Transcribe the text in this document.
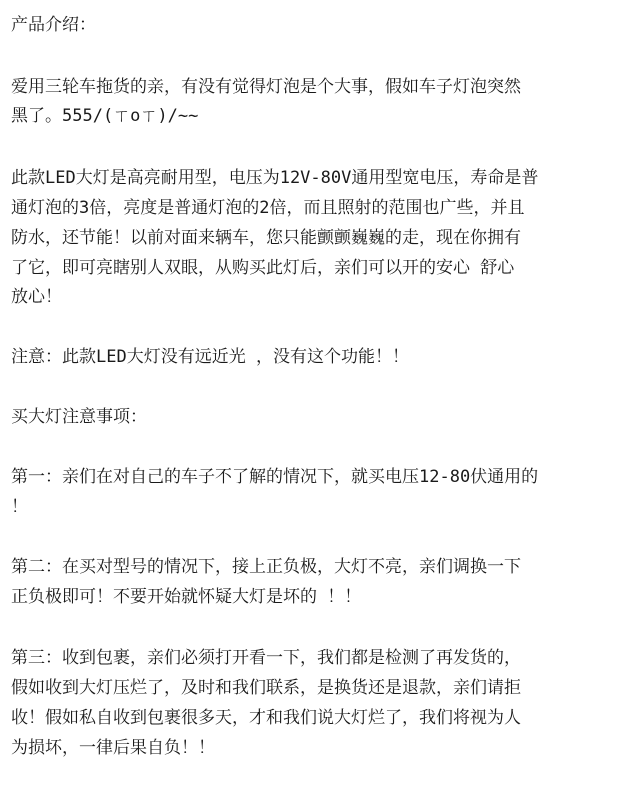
产品介绍：
爱用三轮车拖货的亲，有没有觉得灯泡是个大事，假如车子灯泡突然
黑了。555/(ㄒoㄒ)/~~
此款LED大灯是高亮耐用型，电压为12V-80V通用型宽电压，寿命是普
通灯泡的3倍，亮度是普通灯泡的2倍，而且照射的范围也广些，并且
防水，还节能！以前对面来辆车，您只能颤颤巍巍的走，现在你拥有
了它，即可亮瞎别人双眼，从购买此灯后，亲们可以开的安心 舒心
放心！
注意：此款LED大灯没有远近光 ，没有这个功能！！
买大灯注意事项：
第一：亲们在对自己的车子不了解的情况下，就买电压12-80伏通用的
！
第二：在买对型号的情况下，接上正负极，大灯不亮，亲们调换一下
正负极即可！不要开始就怀疑大灯是坏的 ！！
第三：收到包裹，亲们必须打开看一下，我们都是检测了再发货的，
假如收到大灯压烂了，及时和我们联系，是换货还是退款，亲们请拒
收！假如私自收到包裹很多天，才和我们说大灯烂了，我们将视为人
为损坏，一律后果自负！！
